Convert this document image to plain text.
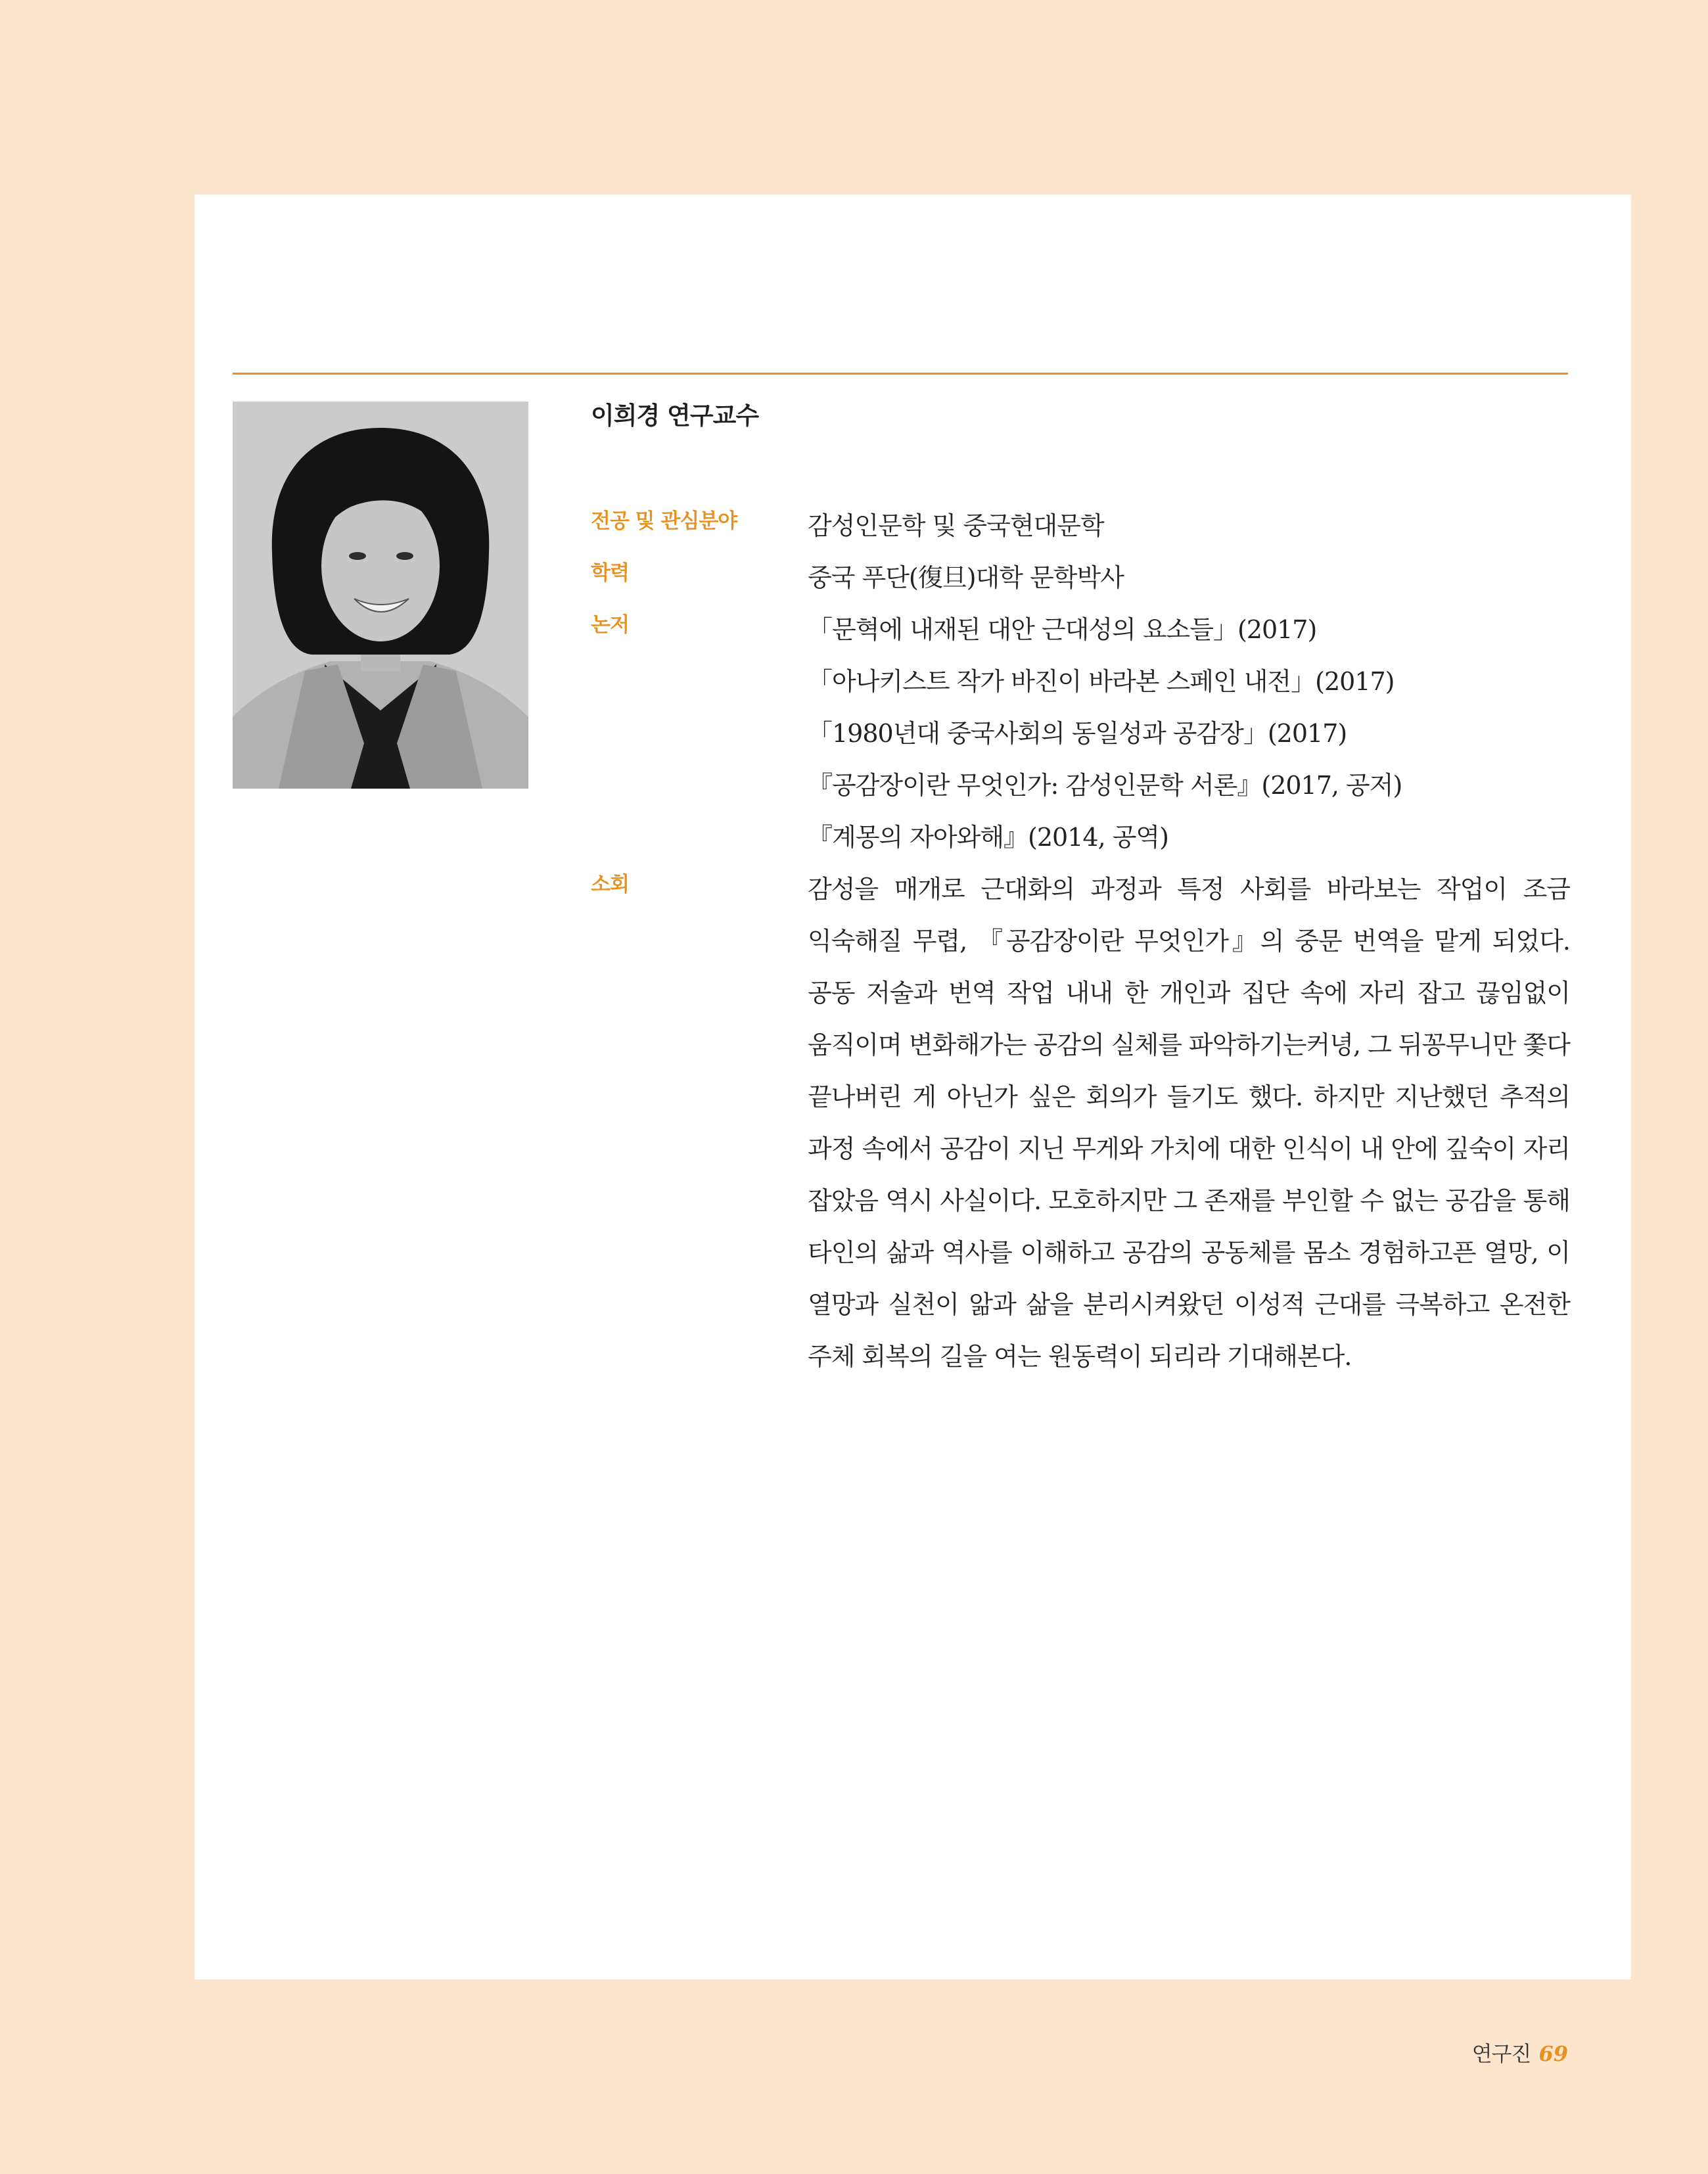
이희경 연구교수
전공 및 관심분야	감성인문학 및 중국현대문학
학력	중국 푸단(復旦)대학 문학박사
논저	「문혁에 내재된 대안 근대성의 요소들」(2017)
「아나키스트 작가 바진이 바라본 스페인 내전」(2017)
「1980년대 중국사회의 동일성과 공감장」(2017)
『공감장이란 무엇인가: 감성인문학 서론』(2017, 공저)
『계몽의 자아와해』(2014, 공역)
소회	감성을 매개로 근대화의 과정과 특정 사회를 바라보는 작업이 조금 익숙해질 무렵, 『공감장이란 무엇인가』의 중문 번역을 맡게 되었다. 공동 저술과 번역 작업 내내 한 개인과 집단 속에 자리 잡고 끊임없이 움직이며 변화해가는 공감의 실체를 파악하기는커녕, 그 뒤꽁무니만 쫓다 끝나버린 게 아닌가 싶은 회의가 들기도 했다. 하지만 지난했던 추적의 과정 속에서 공감이 지닌 무게와 가치에 대한 인식이 내 안에 깊숙이 자리 잡았음 역시 사실이다. 모호하지만 그 존재를 부인할 수 없는 공감을 통해 타인의 삶과 역사를 이해하고 공감의 공동체를 몸소 경험하고픈 열망, 이 열망과 실천이 앎과 삶을 분리시켜왔던 이성적 근대를 극복하고 온전한 주체 회복의 길을 여는 원동력이 되리라 기대해본다.
연구진 69
